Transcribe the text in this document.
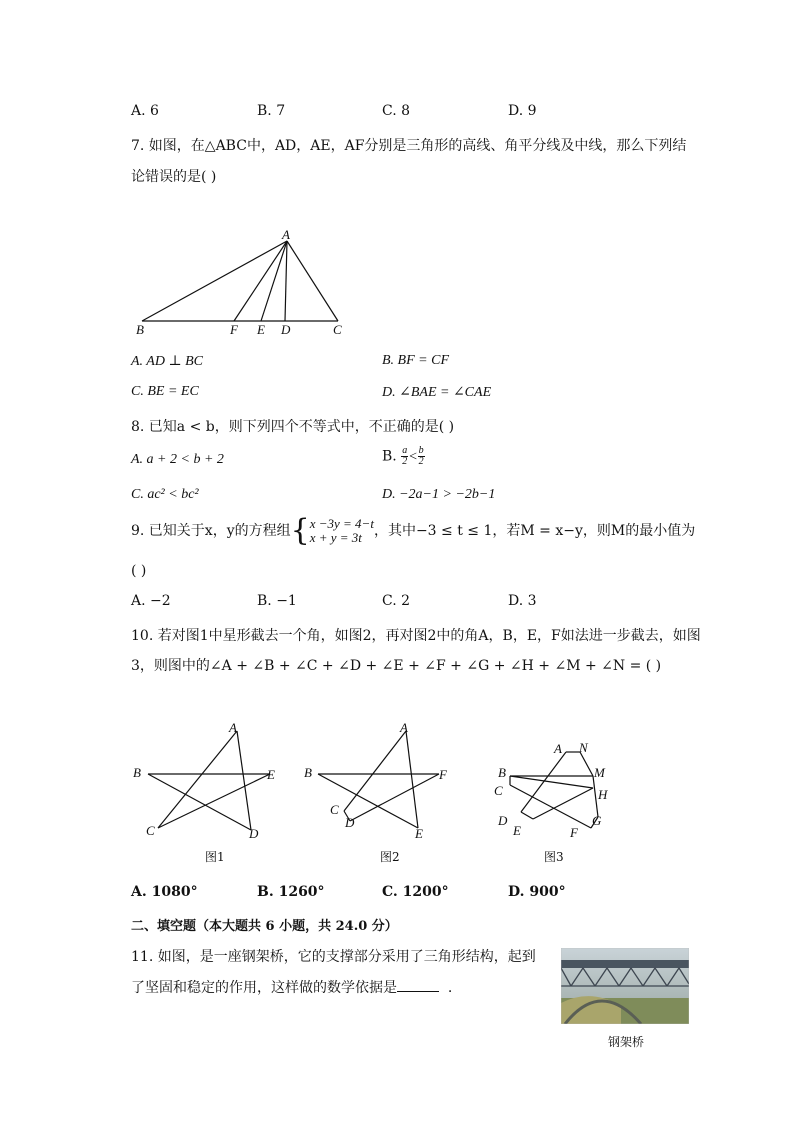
A. 6	B. 7	C. 8	D. 9
7. 如图，在△ABC中，AD，AE，AF分别是三角形的高线、角平分线及中线，那么下列结
论错误的是( )
A
B	F E D	C
A. AD ⊥ BC	B. BF = CF
C. BE = EC	D. ∠BAE = ∠CAE
8. 已知a < b，则下列四个不等式中，不正确的是( )
A. a + 2 < b + 2	B. $\frac{a}{2} < \frac{b}{2}$
C. ac² < bc²	D. −2a−1 > −2b−1
9. 已知关于x，y的方程组{ x −3y = 4−t
x + y = 3t ，其中−3 ≤ t ≤ 1，若M = x−y，则M的最小值为
( )
A. −2	B. −1	C. 2	D. 3
10. 若对图1中星形截去一个角，如图2，再对图2中的角A，B，E，F如法进一步截去，如图
3，则图中的∠A + ∠B + ∠C + ∠D + ∠E + ∠F + ∠G + ∠H + ∠M + ∠N = ( )
A
B	E
C	D
图1
A
B	F
C
D
E
图2
A N
B	M
C	H
D
E
G
F
图3
A. 1080°	B. 1260°	C. 1200°	D. 900°
二、填空题（本大题共 6 小题，共 24.0 分）
11. 如图，是一座钢架桥，它的支撑部分采用了三角形结构，起到
了坚固和稳定的作用，这样做的数学依据是	.
钢架桥
